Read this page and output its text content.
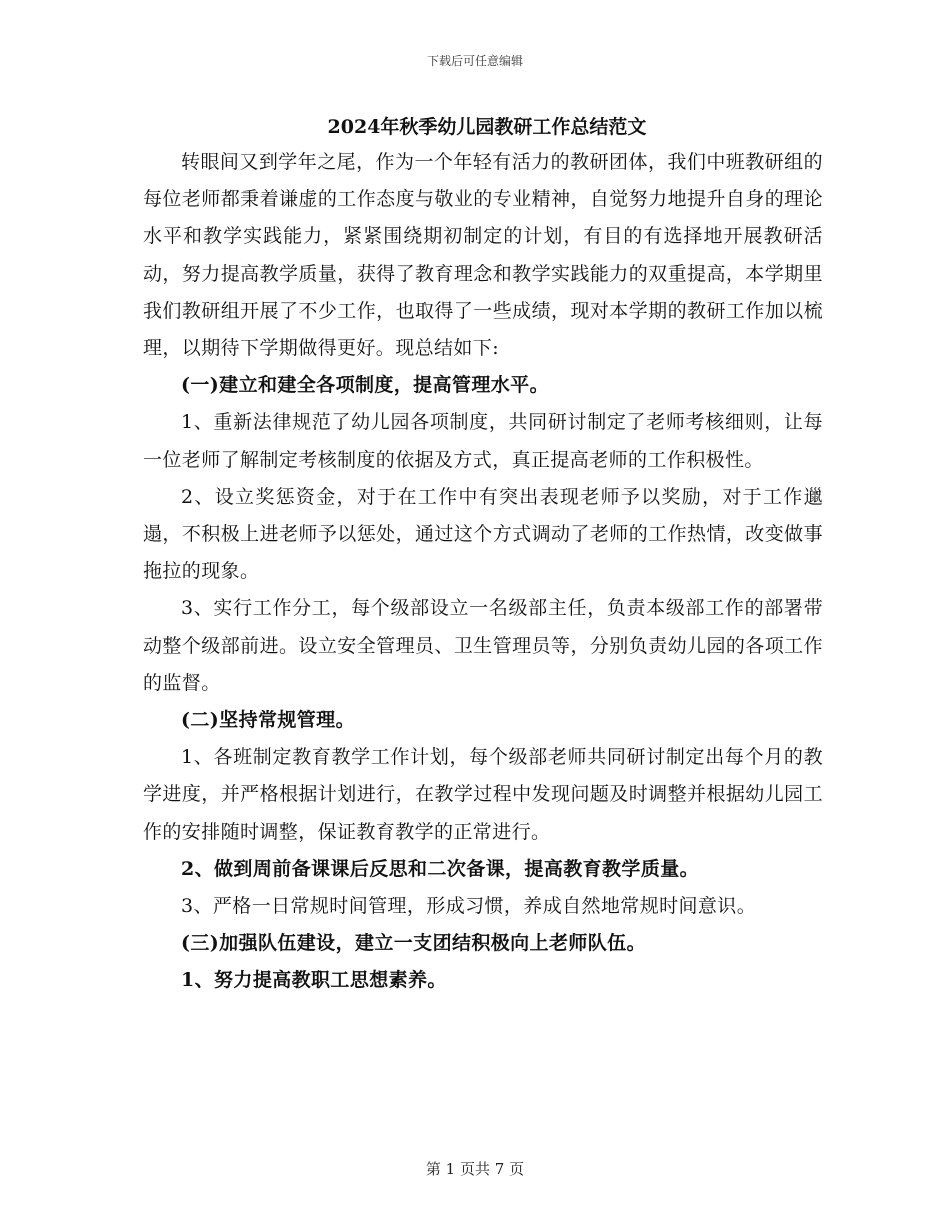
下载后可任意编辑
2024年秋季幼儿园教研工作总结范文

转眼间又到学年之尾，作为一个年轻有活力的教研团体，我们中班教研组的每位老师都秉着谦虚的工作态度与敬业的专业精神，自觉努力地提升自身的理论水平和教学实践能力，紧紧围绕期初制定的计划，有目的有选择地开展教研活动，努力提高教学质量，获得了教育理念和教学实践能力的双重提高，本学期里我们教研组开展了不少工作，也取得了一些成绩，现对本学期的教研工作加以梳理，以期待下学期做得更好。现总结如下:

(一)建立和建全各项制度，提高管理水平。

1、重新法律规范了幼儿园各项制度，共同研讨制定了老师考核细则，让每一位老师了解制定考核制度的依据及方式，真正提高老师的工作积极性。

2、设立奖惩资金，对于在工作中有突出表现老师予以奖励，对于工作邋遢，不积极上进老师予以惩处，通过这个方式调动了老师的工作热情，改变做事拖拉的现象。

3、实行工作分工，每个级部设立一名级部主任，负责本级部工作的部署带动整个级部前进。设立安全管理员、卫生管理员等，分别负责幼儿园的各项工作的监督。

(二)坚持常规管理。

1、各班制定教育教学工作计划，每个级部老师共同研讨制定出每个月的教学进度，并严格根据计划进行，在教学过程中发现问题及时调整并根据幼儿园工作的安排随时调整，保证教育教学的正常进行。

2、做到周前备课课后反思和二次备课，提高教育教学质量。

3、严格一日常规时间管理，形成习惯，养成自然地常规时间意识。

(三)加强队伍建设，建立一支团结积极向上老师队伍。

1、努力提高教职工思想素养。

第 1 页共 7 页
